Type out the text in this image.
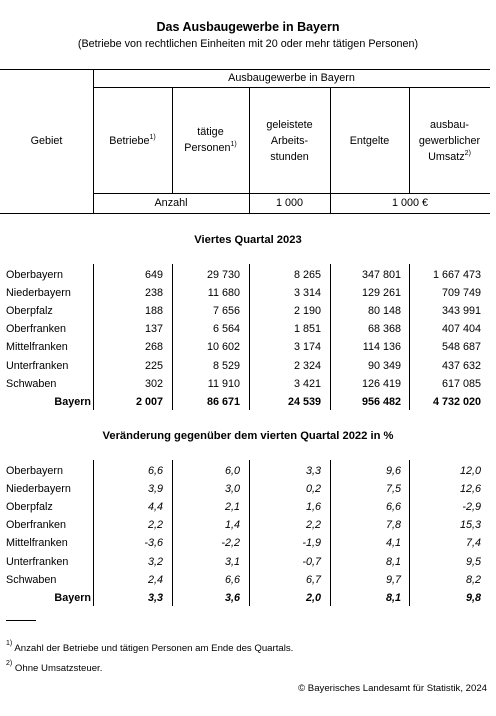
Das Ausbaugewerbe in Bayern
(Betriebe von rechtlichen Einheiten mit 20 oder mehr tätigen Personen)
Gebiet
Ausbaugewerbe in Bayern
Betriebe$^{1)}$	tätige
Personen$^{1)}$
geleistete
Arbeits-
stunden
Entgelte
ausbau-
gewerblicher
Umsatz$^{2)}$
Anzahl	1 000	1 000 €
Viertes Quartal 2023
Veränderung gegenüber dem vierten Quartal 2022 in %
Oberbayern	649	29 730	8 265	347 801	1 667 473
Niederbayern	238	11 680	3 314	129 261	709 749
Oberpfalz	188	7 656	2 190	80 148	343 991
Oberfranken	137	6 564	1 851	68 368	407 404
Mittelfranken	268	10 602	3 174	114 136	548 687
Unterfranken	225	8 529	2 324	90 349	437 632
Schwaben	302	11 910	3 421	126 419	617 085
Bayern	2 007	86 671	24 539	956 482	4 732 020
Oberbayern	6,6	6,0	3,3	9,6	12,0
Niederbayern	3,9	3,0	0,2	7,5	12,6
Oberpfalz	4,4	2,1	1,6	6,6	-2,9
Oberfranken	2,2	1,4	2,2	7,8	15,3
Mittelfranken	-3,6	-2,2	-1,9	4,1	7,4
Unterfranken	3,2	3,1	-0,7	8,1	9,5
Schwaben	2,4	6,6	6,7	9,7	8,2
Bayern	3,3	3,6	2,0	8,1	9,8
$^{1)}$ Anzahl der Betriebe und tätigen Personen am Ende des Quartals.
$^{2)}$ Ohne Umsatzsteuer.
© Bayerisches Landesamt für Statistik, 2024
